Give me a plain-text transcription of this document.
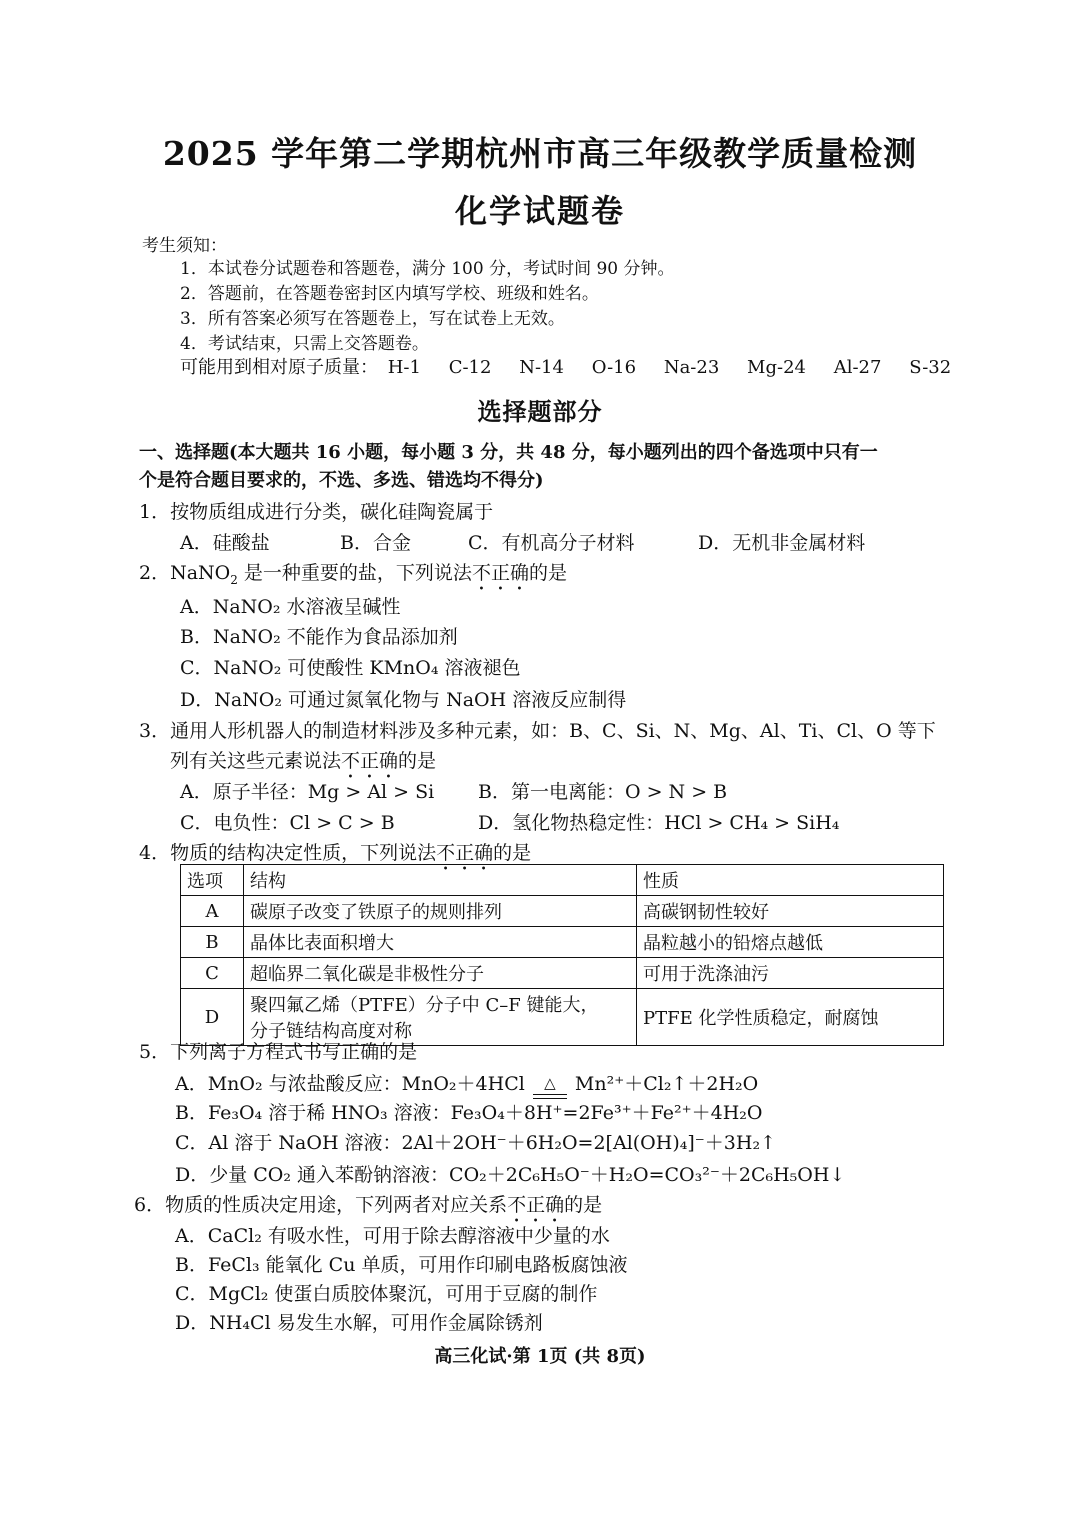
2025 学年第二学期杭州市高三年级教学质量检测
化学试题卷
考生须知：
1．本试卷分试题卷和答题卷，满分 100 分，考试时间 90 分钟。
2．答题前，在答题卷密封区内填写学校、班级和姓名。
3．所有答案必须写在答题卷上，写在试卷上无效。
4．考试结束，只需上交答题卷。
可能用到相对原子质量： H-1 C-12 N-14 O-16 Na-23 Mg-24 Al-27 S-32
选择题部分
一、选择题(本大题共 16 小题，每小题 3 分，共 48 分，每小题列出的四个备选项中只有一
个是符合题目要求的，不选、多选、错选均不得分)
1．按物质组成进行分类，碳化硅陶瓷属于
A．硅酸盐	B．合金	C．有机高分子材料	D．无机非金属材料
2．NaNO$_2$ 是一种重要的盐，下列说法不正确的是
A．NaNO₂ 水溶液呈碱性
B．NaNO₂ 不能作为食品添加剂
C．NaNO₂ 可使酸性 KMnO₄ 溶液褪色
D．NaNO₂ 可通过氮氧化物与 NaOH 溶液反应制得
3．通用人形机器人的制造材料涉及多种元素，如：B、C、Si、N、Mg、Al、Ti、Cl、O 等下
列有关这些元素说法不正确的是
A．原子半径：Mg > Al > Si B．第一电离能：O > N > B
C．电负性：Cl > C > B	D．氢化物热稳定性：HCl > CH₄ > SiH₄
4．物质的结构决定性质，下列说法不正确的是
选项	结构	性质
A	碳原子改变了铁原子的规则排列	高碳钢韧性较好
B	晶体比表面积增大	晶粒越小的铅熔点越低
C	超临界二氧化碳是非极性分子	可用于洗涤油污
D	聚四氟乙烯（PTFE）分子中 C–F 键能大，
分子链结构高度对称	PTFE 化学性质稳定，耐腐蚀
5．下列离子方程式书写正确的是
A．MnO₂ 与浓盐酸反应：MnO₂＋4HCl △ Mn²⁺＋Cl₂↑＋2H₂O
B．Fe₃O₄ 溶于稀 HNO₃ 溶液：Fe₃O₄＋8H⁺=2Fe³⁺＋Fe²⁺＋4H₂O
C．Al 溶于 NaOH 溶液：2Al＋2OH⁻＋6H₂O=2[Al(OH)₄]⁻＋3H₂↑
D．少量 CO₂ 通入苯酚钠溶液：CO₂＋2C₆H₅O⁻＋H₂O=CO₃²⁻＋2C₆H₅OH↓
6．物质的性质决定用途，下列两者对应关系不正确的是
A．CaCl₂ 有吸水性，可用于除去醇溶液中少量的水
B．FeCl₃ 能氧化 Cu 单质，可用作印刷电路板腐蚀液
C．MgCl₂ 使蛋白质胶体聚沉，可用于豆腐的制作
D．NH₄Cl 易发生水解，可用作金属除锈剂
高三化试·第 1页 (共 8页)
